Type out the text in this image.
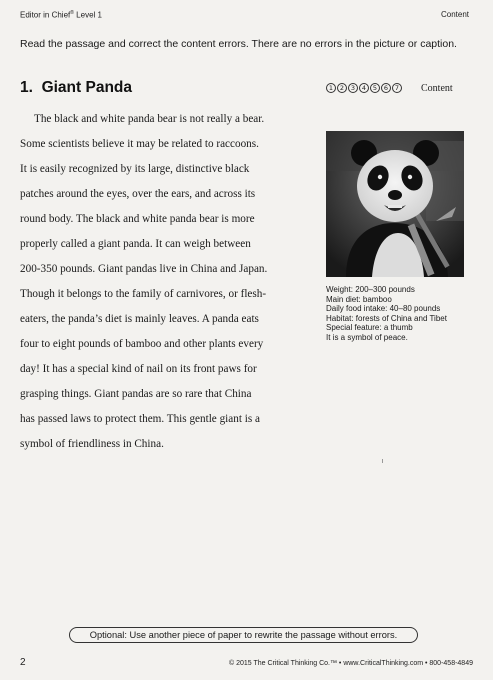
Editor in Chief® Level 1	Content
Read the passage and correct the content errors. There are no errors in the picture or caption.
1. Giant Panda	1	2	3	4	5	6	7 Content
The black and white panda bear is not really a bear.
Some scientists believe it may be related to raccoons.
It is easily recognized by its large, distinctive black
patches around the eyes, over the ears, and across its
round body. The black and white panda bear is more
properly called a giant panda. It can weigh between
200-350 pounds. Giant pandas live in China and Japan.
Though it belongs to the family of carnivores, or flesh-
eaters, the panda’s diet is mainly leaves. A panda eats
four to eight pounds of bamboo and other plants every
day! It has a special kind of nail on its front paws for
grasping things. Giant pandas are so rare that China
has passed laws to protect them. This gentle giant is a
symbol of friendliness in China.
Weight: 200–300 pounds
Main diet: bamboo
Daily food intake: 40–80 pounds
Habitat: forests of China and Tibet
Special feature: a thumb
It is a symbol of peace.
Optional: Use another piece of paper to rewrite the passage without errors.
2	© 2015 The Critical Thinking Co.™ • www.CriticalThinking.com • 800-458-4849
